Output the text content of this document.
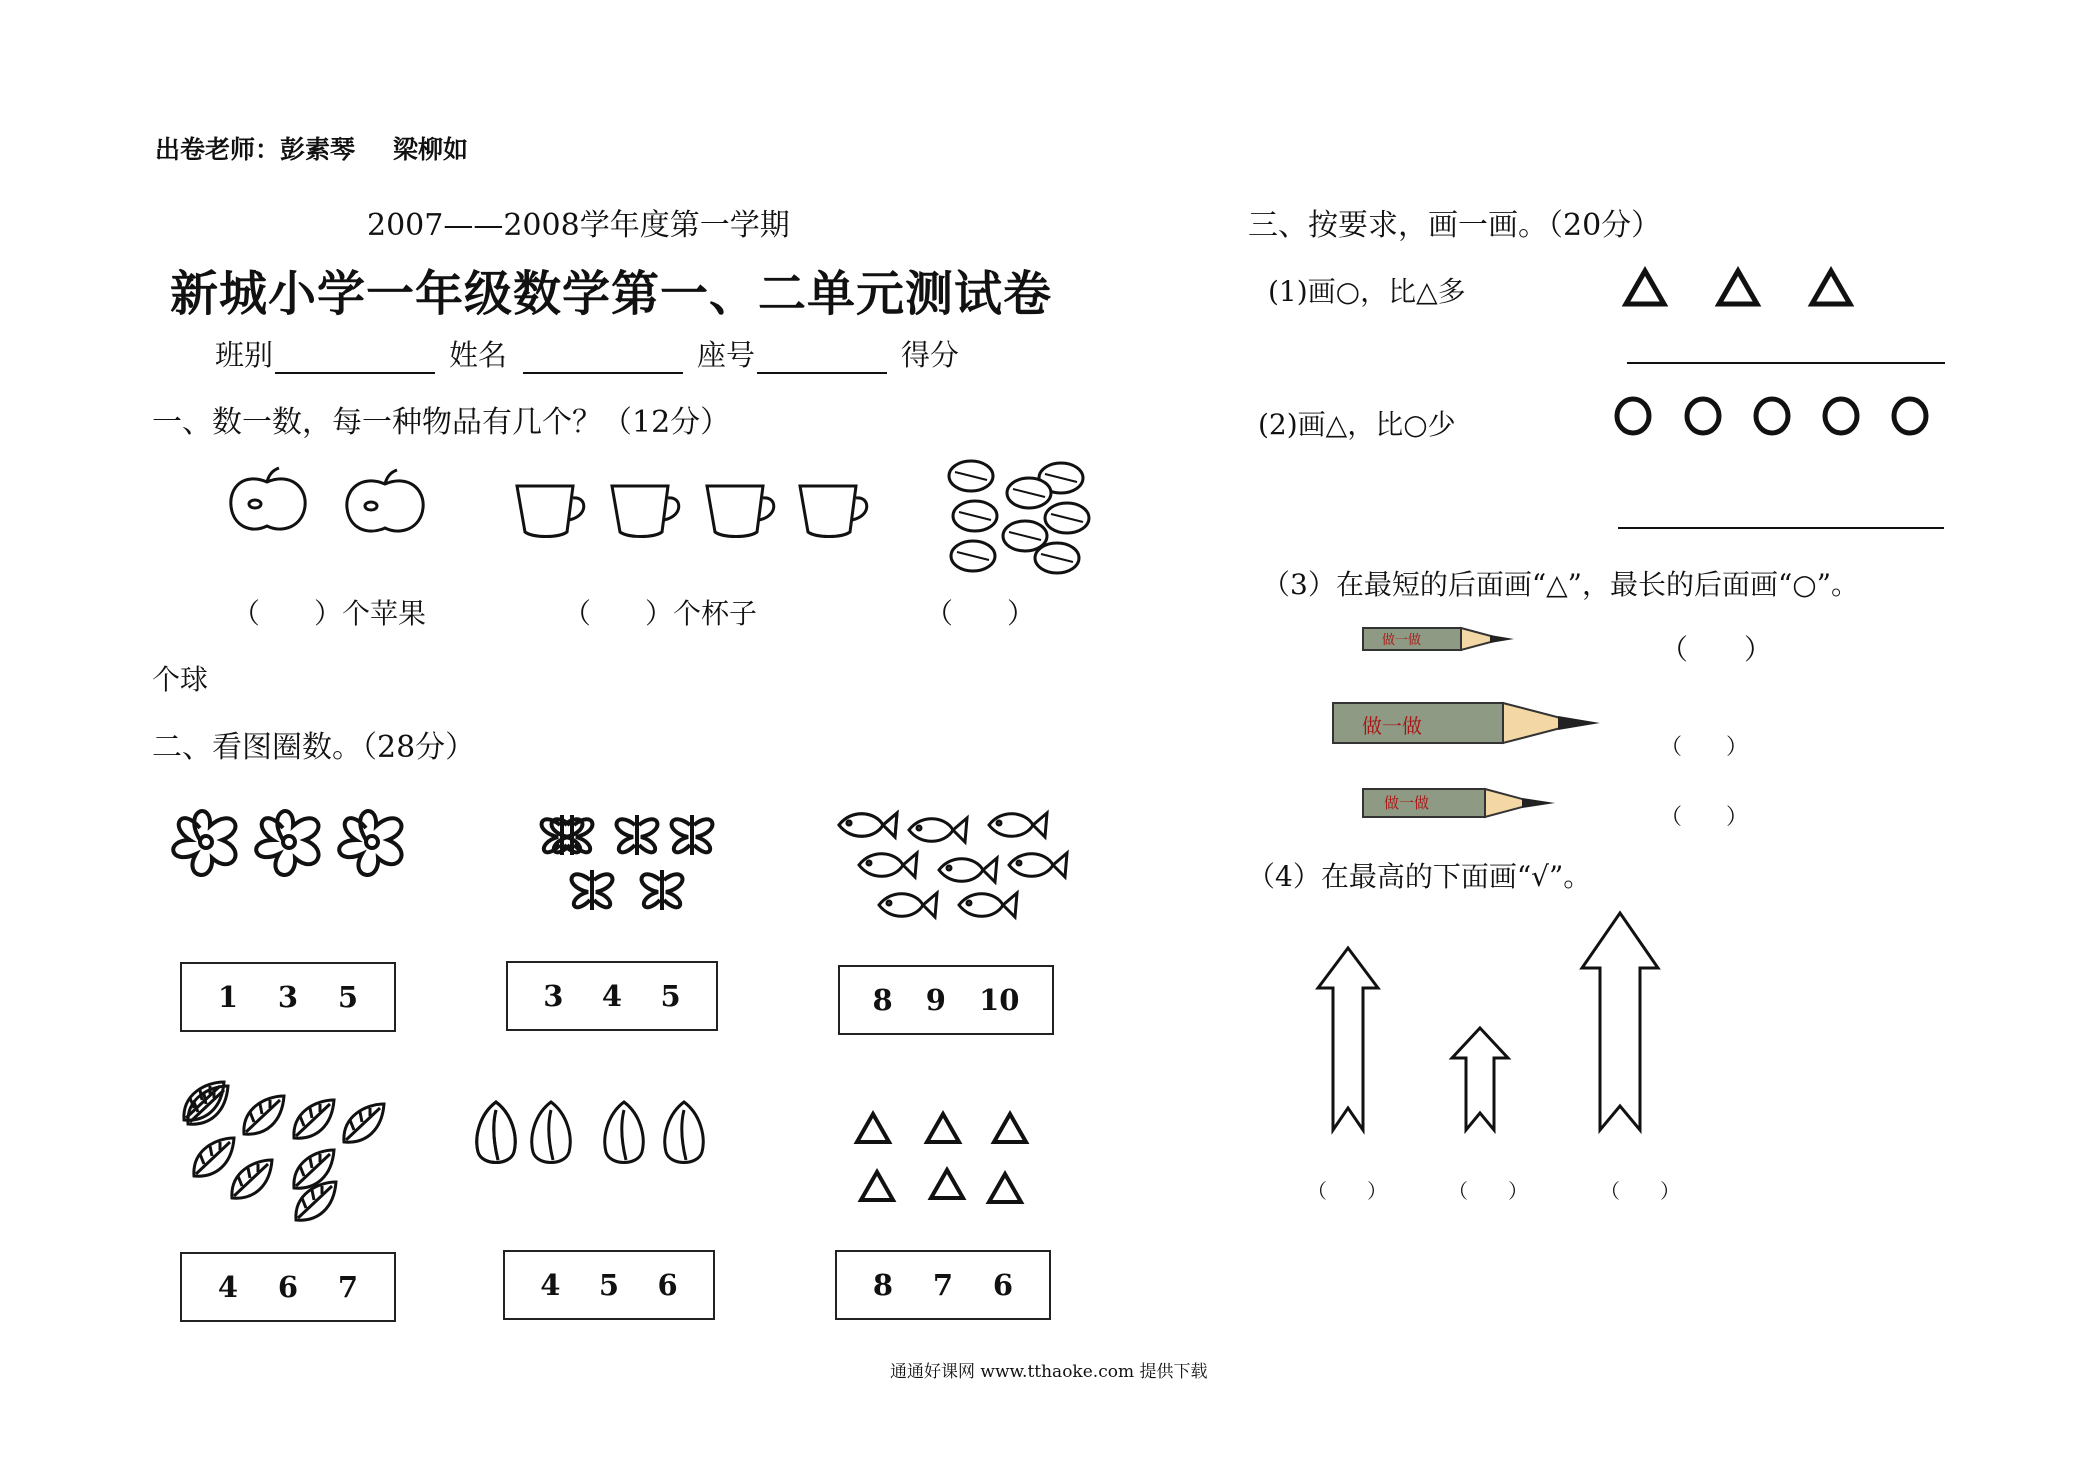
出卷老师：彭素琴 梁柳如
2007——2008学年度第一学期
新城小学一年级数学第一、二单元测试卷
班别	姓名	座号	得分
一、数一数，每一种物品有几个？（12分）
（ ）个苹果	（ ）个杯子	（ ）
个球
二、看图圈数。（28分）
1 3 5	3 4 5	8 9 10
4 6 7	4 5 6	8 7 6
三、按要求，画一画。（20分）
(1)画○，比△多
(2)画△，比○少
（3）在最短的后面画“△”，最长的后面画“○”。
做一做	（　　）
做一做
（　　）
做一做
（　　）
（4）在最高的下面画“√”。
（　　）	（　　）	（　　）
通通好课网 www.tthaoke.com 提供下载
